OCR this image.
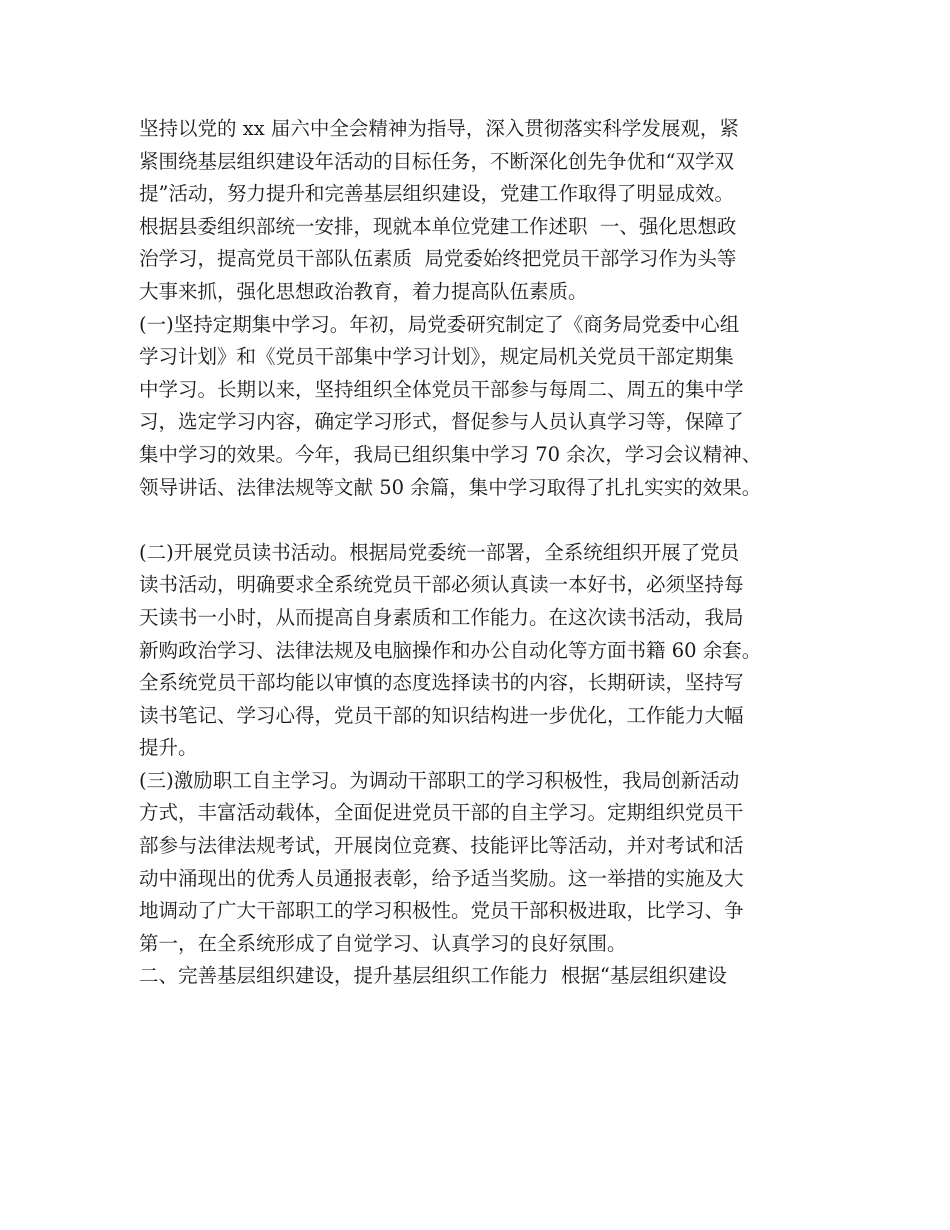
坚持以党的 xx 届六中全会精神为指导，深入贯彻落实科学发展观，紧

紧围绕基层组织建设年活动的目标任务，不断深化创先争优和“双学双

提”活动，努力提升和完善基层组织建设，党建工作取得了明显成效。

根据县委组织部统一安排，现就本单位党建工作述职  一、强化思想政

治学习，提高党员干部队伍素质  局党委始终把党员干部学习作为头等

大事来抓，强化思想政治教育，着力提高队伍素质。

(一)坚持定期集中学习。年初，局党委研究制定了《商务局党委中心组

学习计划》和《党员干部集中学习计划》，规定局机关党员干部定期集

中学习。长期以来，坚持组织全体党员干部参与每周二、周五的集中学

习，选定学习内容，确定学习形式，督促参与人员认真学习等，保障了

集中学习的效果。今年，我局已组织集中学习 70 余次，学习会议精神、

领导讲话、法律法规等文献 50 余篇，集中学习取得了扎扎实实的效果。

(二)开展党员读书活动。根据局党委统一部署，全系统组织开展了党员

读书活动，明确要求全系统党员干部必须认真读一本好书，必须坚持每

天读书一小时，从而提高自身素质和工作能力。在这次读书活动，我局

新购政治学习、法律法规及电脑操作和办公自动化等方面书籍 60 余套。

全系统党员干部均能以审慎的态度选择读书的内容，长期研读，坚持写

读书笔记、学习心得，党员干部的知识结构进一步优化，工作能力大幅

提升。

(三)激励职工自主学习。为调动干部职工的学习积极性，我局创新活动

方式，丰富活动载体，全面促进党员干部的自主学习。定期组织党员干

部参与法律法规考试，开展岗位竞赛、技能评比等活动，并对考试和活

动中涌现出的优秀人员通报表彰，给予适当奖励。这一举措的实施及大

地调动了广大干部职工的学习积极性。党员干部积极进取，比学习、争

第一，在全系统形成了自觉学习、认真学习的良好氛围。

二、完善基层组织建设，提升基层组织工作能力  根据“基层组织建设
